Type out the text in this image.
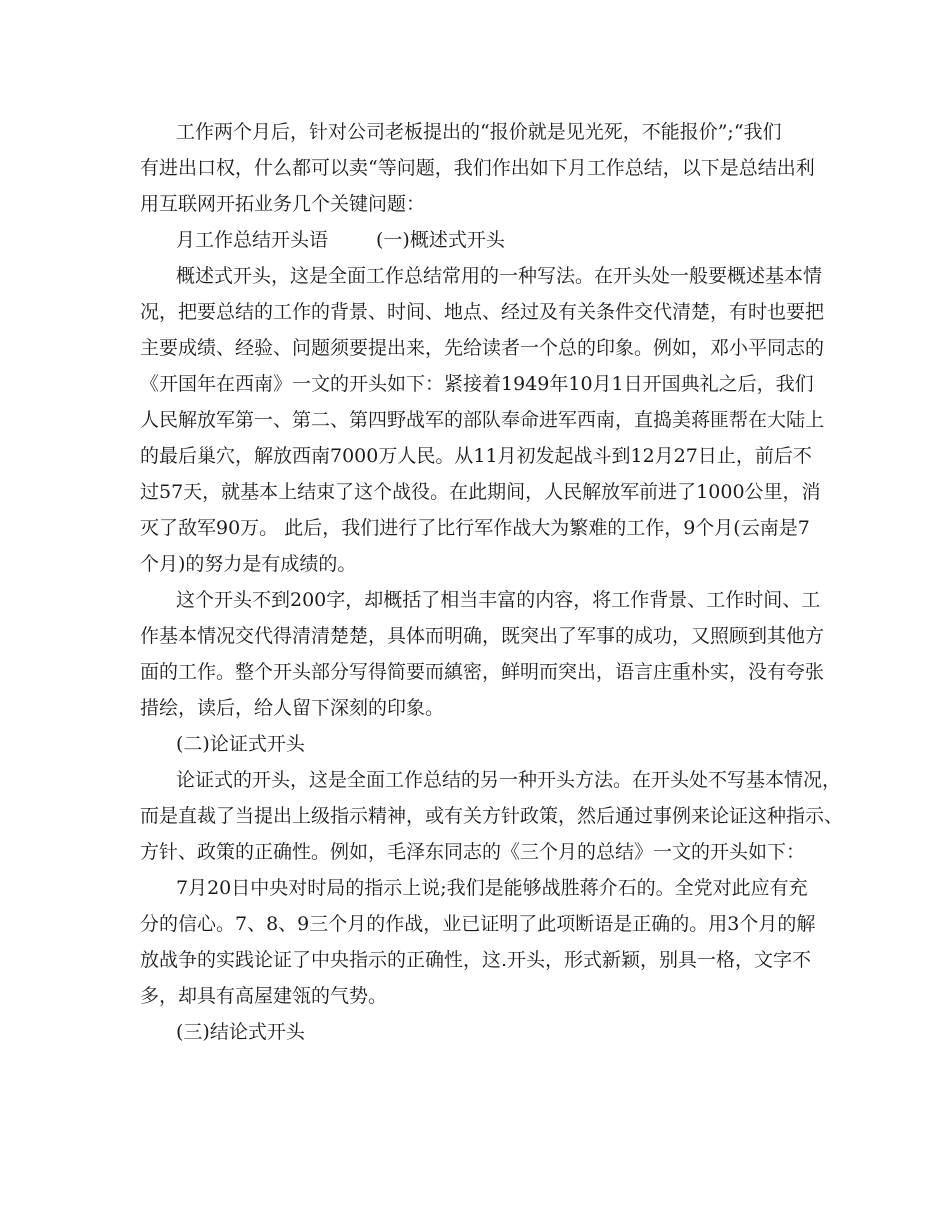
工作两个月后，针对公司老板提出的“报价就是见光死，不能报价”;“我们
有进出口权，什么都可以卖“等问题，我们作出如下月工作总结，以下是总结出利
用互联网开拓业务几个关键问题：
月工作总结开头语	(一)概述式开头
概述式开头，这是全面工作总结常用的一种写法。在开头处一般要概述基本情
况，把要总结的工作的背景、时间、地点、经过及有关条件交代清楚，有时也要把
主要成绩、经验、问题须要提出来，先给读者一个总的印象。例如，邓小平同志的
《开国年在西南》一文的开头如下：紧接着1949年10月1日开国典礼之后，我们
人民解放军第一、第二、第四野战军的部队奉命进军西南，直捣美蒋匪帮在大陆上
的最后巢穴，解放西南7000万人民。从11月初发起战斗到12月27日止，前后不
过57天，就基本上结束了这个战役。在此期间，人民解放军前进了1000公里，消
灭了敌军90万。 此后，我们进行了比行军作战大为繁难的工作，9个月(云南是7
个月)的努力是有成绩的。
这个开头不到200字，却概括了相当丰富的内容，将工作背景、工作时间、工
作基本情况交代得清清楚楚，具体而明确，既突出了军事的成功，又照顾到其他方
面的工作。整个开头部分写得简要而縝密，鲜明而突出，语言庄重朴实，没有夸张
措绘，读后，给人留下深刻的印象。
(二)论证式开头
论证式的开头，这是全面工作总结的另一种开头方法。在开头处不写基本情况，
而是直裁了当提出上级指示精神，或有关方针政策，然后通过事例来论证这种指示、
方针、政策的正确性。例如，毛泽东同志的《三个月的总结》一文的开头如下：
7月20日中央对时局的指示上说;我们是能够战胜蒋介石的。全党对此应有充
分的信心。7、8、9三个月的作战，业已证明了此项断语是正确的。用3个月的解
放战争的实践论证了中央指示的正确性，这.开头，形式新颖，别具一格，文字不
多，却具有高屋建瓴的气势。
(三)结论式开头
